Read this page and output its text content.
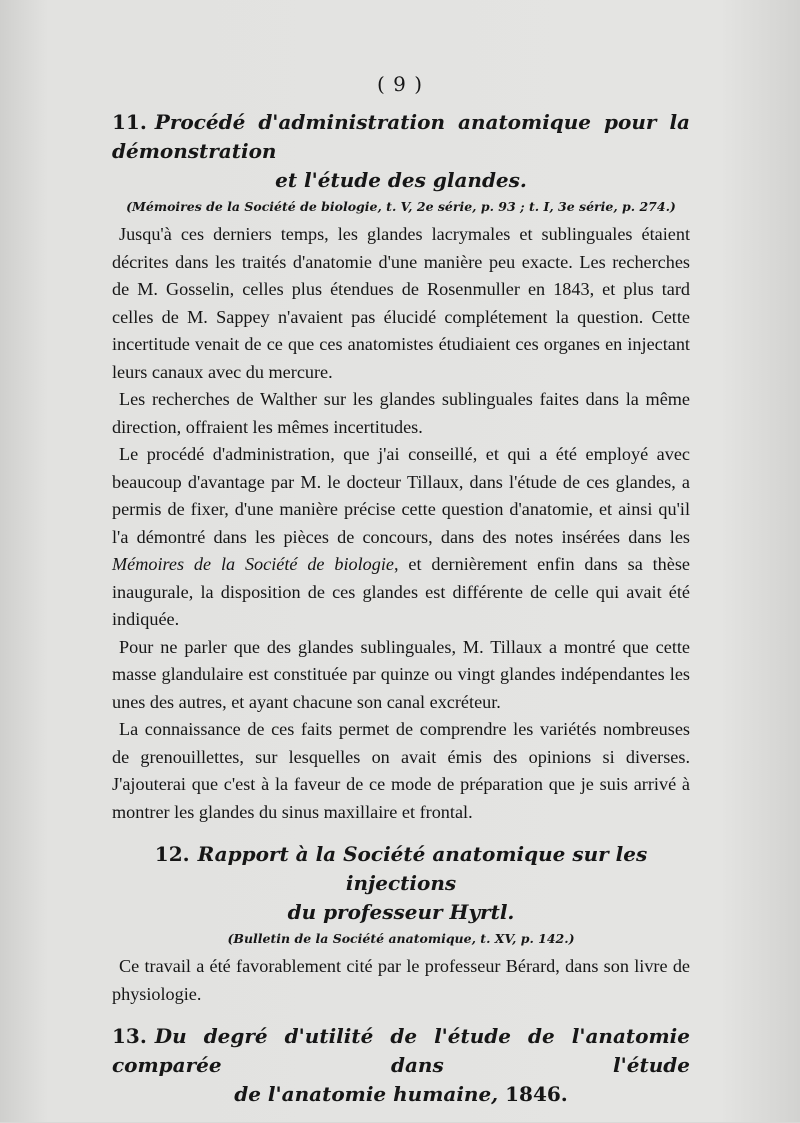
( 9 )
11. Procédé d'administration anatomique pour la démonstration
et l'étude des glandes.
(Mémoires de la Société de biologie, t. V, 2e série, p. 93 ; t. I, 3e série, p. 274.)

Jusqu'à ces derniers temps, les glandes lacrymales et sublinguales étaient décrites dans les traités d'anatomie d'une manière peu exacte. Les recherches de M. Gosselin, celles plus étendues de Rosenmuller en 1843, et plus tard celles de M. Sappey n'avaient pas élucidé complétement la question. Cette incertitude venait de ce que ces anatomistes étudiaient ces organes en injectant leurs canaux avec du mercure.

Les recherches de Walther sur les glandes sublinguales faites dans la même direction, offraient les mêmes incertitudes.

Le procédé d'administration, que j'ai conseillé, et qui a été employé avec beaucoup d'avantage par M. le docteur Tillaux, dans l'étude de ces glandes, a permis de fixer, d'une manière précise cette question d'anatomie, et ainsi qu'il l'a démontré dans les pièces de concours, dans des notes insérées dans les Mémoires de la Société de biologie, et dernièrement enfin dans sa thèse inaugurale, la disposition de ces glandes est différente de celle qui avait été indiquée.

Pour ne parler que des glandes sublinguales, M. Tillaux a montré que cette masse glandulaire est constituée par quinze ou vingt glandes indépendantes les unes des autres, et ayant chacune son canal excréteur.

La connaissance de ces faits permet de comprendre les variétés nombreuses de grenouillettes, sur lesquelles on avait émis des opinions si diverses. J'ajouterai que c'est à la faveur de ce mode de préparation que je suis arrivé à montrer les glandes du sinus maxillaire et frontal.

12. Rapport à la Société anatomique sur les injections
du professeur Hyrtl.
(Bulletin de la Société anatomique, t. XV, p. 142.)

Ce travail a été favorablement cité par le professeur Bérard, dans son livre de physiologie.

13. Du degré d'utilité de l'étude de l'anatomie comparée dans l'étude
de l'anatomie humaine, 1846.
